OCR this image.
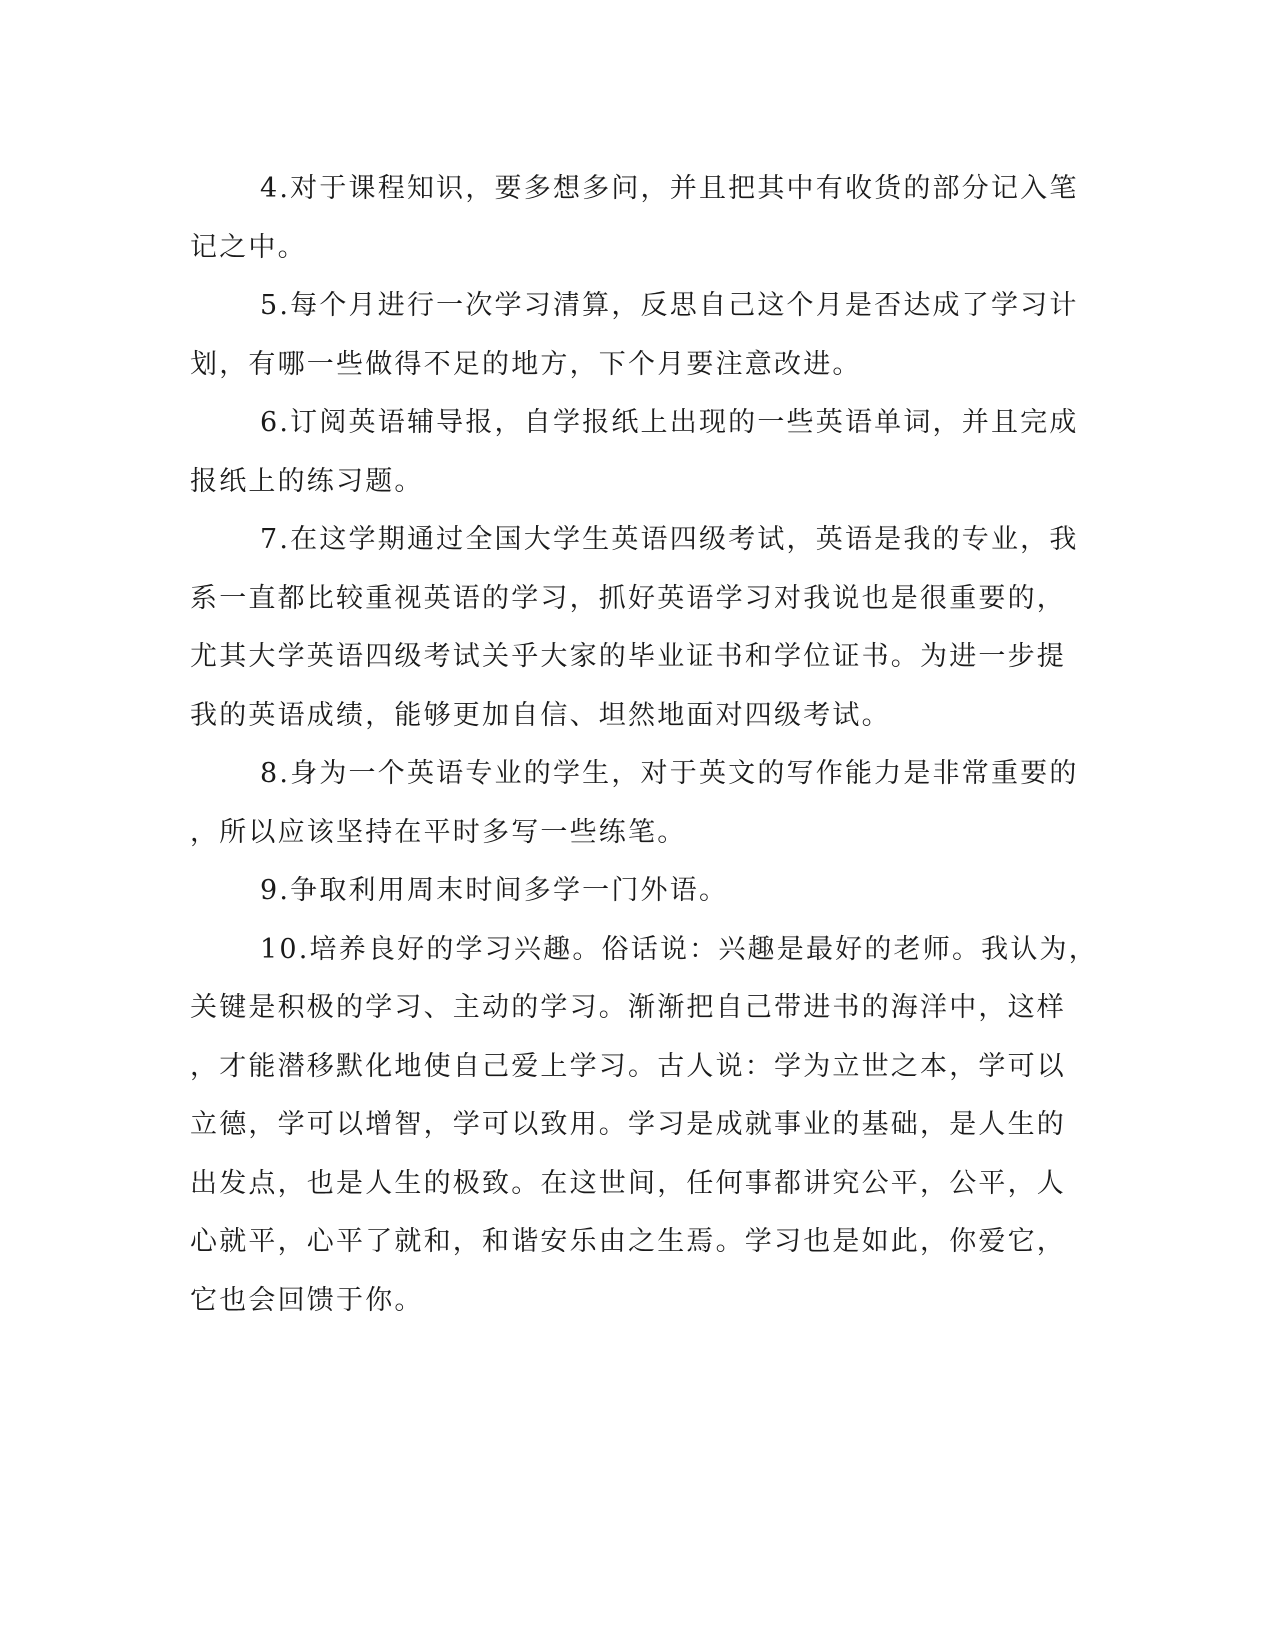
4.对于课程知识，要多想多问，并且把其中有收货的部分记入笔
记之中。
5.每个月进行一次学习清算，反思自己这个月是否达成了学习计
划，有哪一些做得不足的地方，下个月要注意改进。
6.订阅英语辅导报，自学报纸上出现的一些英语单词，并且完成
报纸上的练习题。
7.在这学期通过全国大学生英语四级考试，英语是我的专业，我
系一直都比较重视英语的学习，抓好英语学习对我说也是很重要的，
尤其大学英语四级考试关乎大家的毕业证书和学位证书。为进一步提
我的英语成绩，能够更加自信、坦然地面对四级考试。
8.身为一个英语专业的学生，对于英文的写作能力是非常重要的
，所以应该坚持在平时多写一些练笔。
9.争取利用周末时间多学一门外语。
10.培养良好的学习兴趣。俗话说：兴趣是最好的老师。我认为，
关键是积极的学习、主动的学习。渐渐把自己带进书的海洋中，这样
，才能潜移默化地使自己爱上学习。古人说：学为立世之本，学可以
立德，学可以增智，学可以致用。学习是成就事业的基础，是人生的
出发点，也是人生的极致。在这世间，任何事都讲究公平，公平，人
心就平，心平了就和，和谐安乐由之生焉。学习也是如此，你爱它，
它也会回馈于你。
